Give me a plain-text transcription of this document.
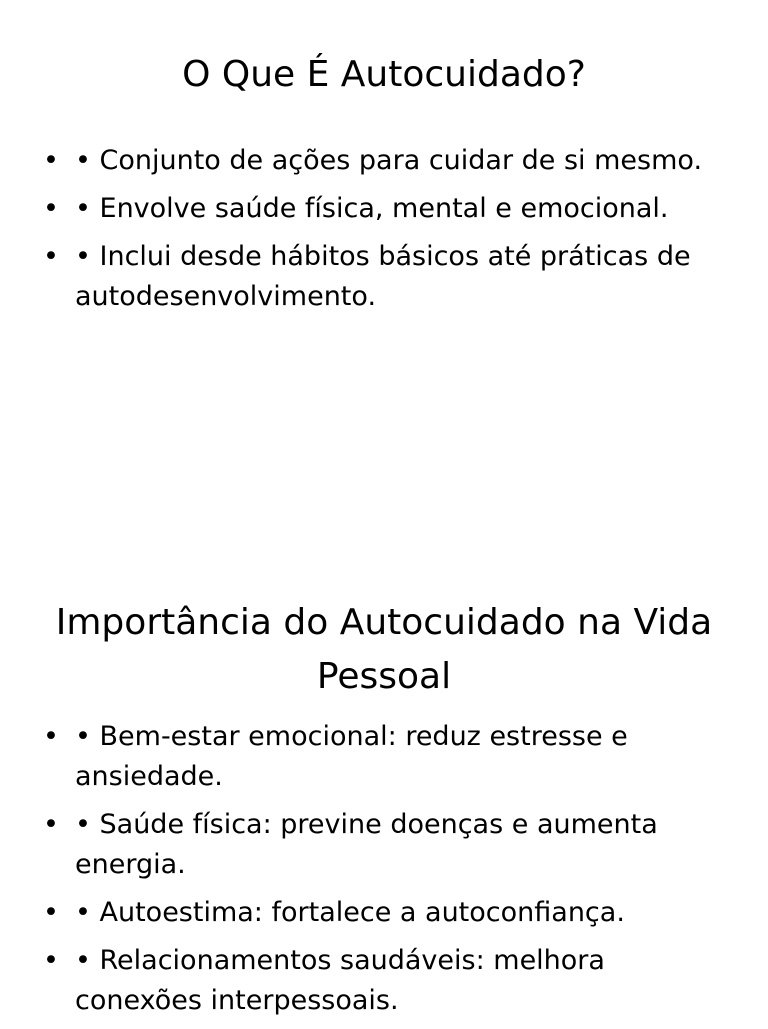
O Que É Autocuidado?
• • Conjunto de ações para cuidar de si mesmo.
• • Envolve saúde física, mental e emocional.
• • Inclui desde hábitos básicos até práticas de autodesenvolvimento.
Importância do Autocuidado na Vida Pessoal
• • Bem-estar emocional: reduz estresse e ansiedade.
• • Saúde física: previne doenças e aumenta energia.
• • Autoestima: fortalece a autoconfiança.
• • Relacionamentos saudáveis: melhora conexões interpessoais.
